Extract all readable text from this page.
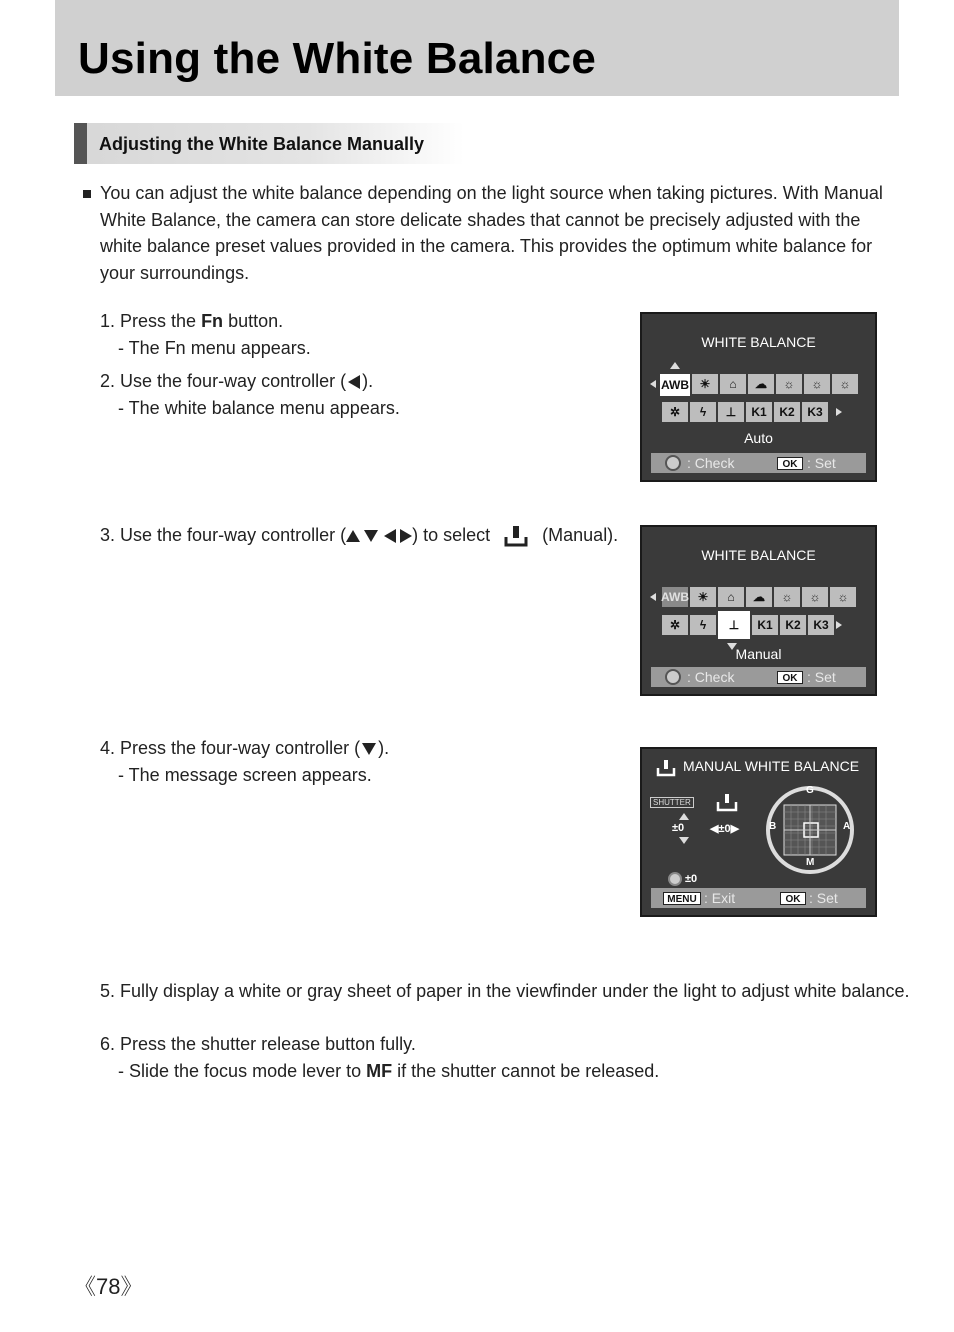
Using the White Balance
Adjusting the White Balance Manually
You can adjust the white balance depending on the light source when taking pictures. With Manual White Balance, the camera can store delicate shades that cannot be precisely adjusted with the white balance preset values provided in the camera. This provides the optimum white balance for your surroundings.
1. Press the Fn button.
- The Fn menu appears.
2. Use the four-way controller ( ).
- The white balance menu appears.
3. Use the four-way controller (	) to select	(Manual).
4. Press the four-way controller ( ).
- The message screen appears.
5. Fully display a white or gray sheet of paper in the viewfinder under the light to adjust white balance.
6. Press the shutter release button fully.
- Slide the focus mode lever to MF if the shutter cannot be released.
WHITE BALANCE
AWB ☀	⌂	☁	☼	☼	☼
✲	ϟ	⊥	K1	K2	K3
Auto
: Check	OK : Set
WHITE BALANCE
AWB ☀	⌂	☁	☼	☼	☼
✲	ϟ	⊥	K1	K2	K3
Manual
: Check	OK : Set
MANUAL WHITE BALANCE
SHUTTER
±0 ◀±0▶
G
B	A
M
±0
MENU : Exit	OK : Set
《78》
